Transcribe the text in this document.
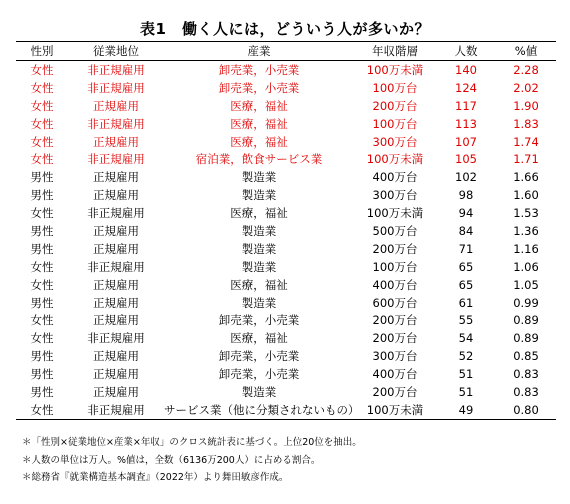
表1　働く人には，どういう人が多いか？
性別	従業地位	産業	年収階層	人数	%値
女性	非正規雇用	卸売業，小売業	100万未満	140	2.28
女性	非正規雇用	卸売業，小売業	100万台	124	2.02
女性	正規雇用	医療，福祉	200万台	117	1.90
女性	非正規雇用	医療，福祉	100万台	113	1.83
女性	正規雇用	医療，福祉	300万台	107	1.74
女性	非正規雇用	宿泊業，飲食サービス業	100万未満	105	1.71
男性	正規雇用	製造業	400万台	102	1.66
男性	正規雇用	製造業	300万台	98	1.60
女性	非正規雇用	医療，福祉	100万未満	94	1.53
男性	正規雇用	製造業	500万台	84	1.36
男性	正規雇用	製造業	200万台	71	1.16
女性	非正規雇用	製造業	100万台	65	1.06
女性	正規雇用	医療，福祉	400万台	65	1.05
男性	正規雇用	製造業	600万台	61	0.99
女性	正規雇用	卸売業，小売業	200万台	55	0.89
女性	非正規雇用	医療，福祉	200万台	54	0.89
男性	正規雇用	卸売業，小売業	300万台	52	0.85
男性	正規雇用	卸売業，小売業	400万台	51	0.83
男性	正規雇用	製造業	200万台	51	0.83
女性	非正規雇用	サービス業（他に分類されないもの）	100万未満	49	0.80
＊「性別×従業地位×産業×年収」のクロス統計表に基づく。上位20位を抽出。
＊人数の単位は万人。%値は，全数（6136万200人）に占める割合。
＊総務省『就業構造基本調査』（2022年）より舞田敏彦作成。
